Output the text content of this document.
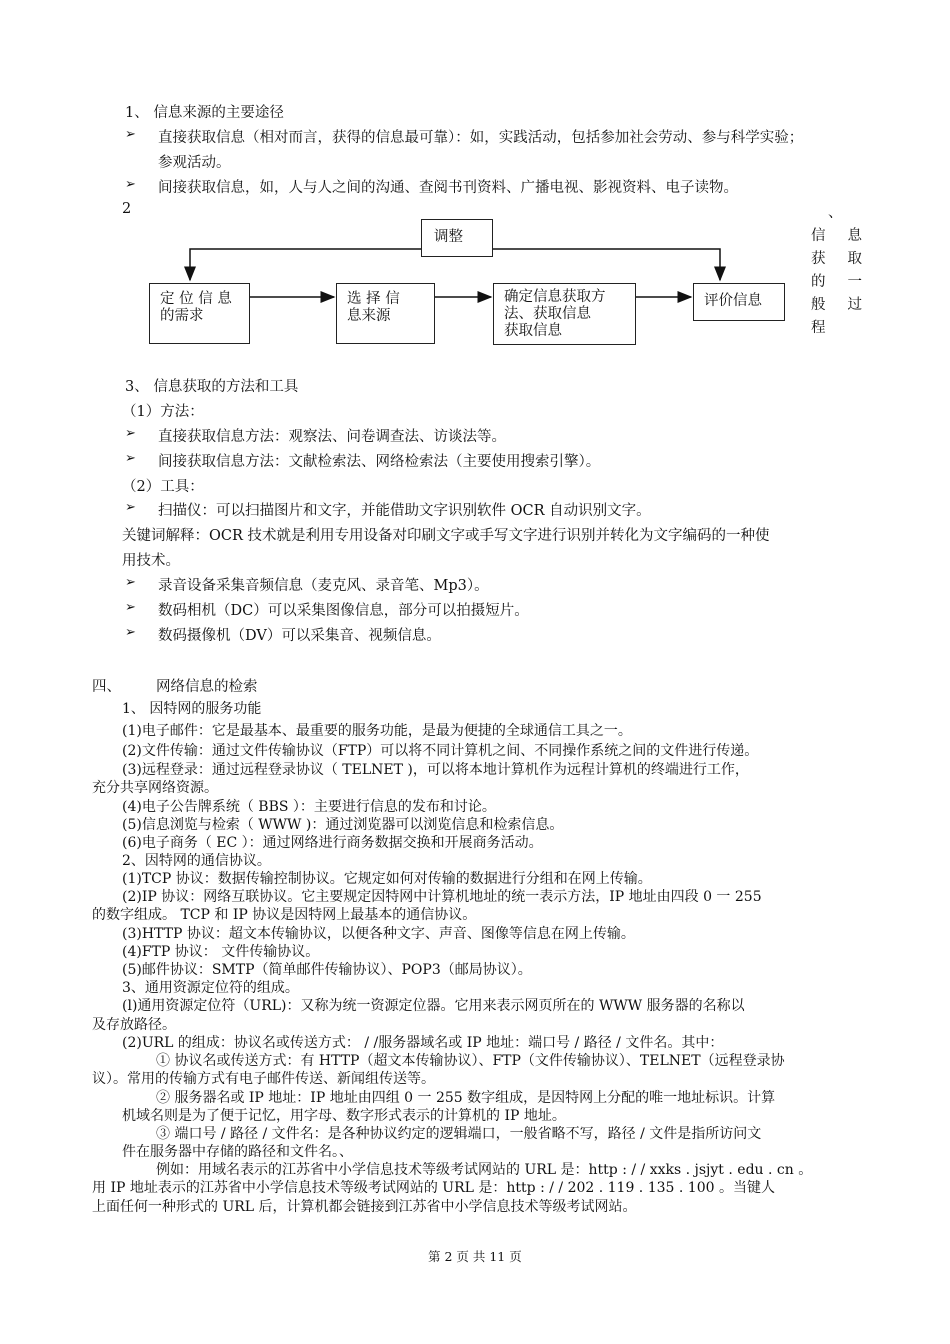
1、 信息来源的主要途径
➢ 直接获取信息（相对而言，获得的信息最可靠）：如，实践活动，包括参加社会劳动、参与科学实验；
参观活动。
➢ 间接获取信息，如，人与人之间的沟通、查阅书刊资料、广播电视、影视资料、电子读物。
2	、
信息
获取
的一
般过
程
调整
定 位 信 息
的需求
选 择 信
息来源
确定信息获取方
法、获取信息
获取信息
评价信息
3、 信息获取的方法和工具
（1）方法：
➢ 直接获取信息方法：观察法、问卷调查法、访谈法等。
➢ 间接获取信息方法：文献检索法、网络检索法（主要使用搜索引擎）。
（2）工具：
➢ 扫描仪：可以扫描图片和文字，并能借助文字识别软件 OCR 自动识别文字。
关键词解释：OCR 技术就是利用专用设备对印刷文字或手写文字进行识别并转化为文字编码的一种使
用技术。
➢ 录音设备采集音频信息（麦克风、录音笔、Mp3）。
➢ 数码相机（DC）可以采集图像信息，部分可以拍摄短片。
➢ 数码摄像机（DV）可以采集音、视频信息。
四、 网络信息的检索
1、 因特网的服务功能
(1)电子邮件：它是最基本、最重要的服务功能，是最为便捷的全球通信工具之一。
(2)文件传输：通过文件传输协议（FTP）可以将不同计算机之间、不同操作系统之间的文件进行传递。
(3)远程登录：通过远程登录协议（ TELNET )，可以将本地计算机作为远程计算机的终端进行工作，
充分共享网络资源。
(4)电子公告牌系统（ BBS ）：主要进行信息的发布和讨论。
(5)信息浏览与检索（ WWW )：通过浏览器可以浏览信息和检索信息。
(6)电子商务（ EC ）：通过网络进行商务数据交换和开展商务活动。
2、因特网的通信协议。
(1)TCP 协议：数据传输控制协议。它规定如何对传输的数据进行分组和在网上传输。
(2)IP 协议：网络互联协议。它主要规定因特网中计算机地址的统一表示方法，IP 地址由四段 0 一 255
的数字组成。 TCP 和 IP 协议是因特网上最基本的通信协议。
(3)HTTP 协议：超文本传输协议，以便各种文字、声音、图像等信息在网上传输。
(4)FTP 协议： 文件传输协议。
(5)邮件协议：SMTP（简单邮件传输协议）、POP3（邮局协议）。
3、通用资源定位符的组成。
(l)通用资源定位符（URL)：又称为统一资源定位器。它用来表示网页所在的 WWW 服务器的名称以
及存放路径。
(2)URL 的组成：协议名或传送方式： / /服务器域名或 IP 地址：端口号 / 路径 / 文件名。其中：
① 协议名或传送方式：有 HTTP（超文本传输协议）、FTP（文件传输协议）、TELNET（远程登录协
议）。常用的传输方式有电子邮件传送、新闻组传送等。
② 服务器名或 IP 地址：IP 地址由四组 0 一 255 数字组成，是因特网上分配的唯一地址标识。计算
机域名则是为了便于记忆，用字母、数字形式表示的计算机的 IP 地址。
③ 端口号 / 路径 / 文件名：是各种协议约定的逻辑端口，一般省略不写，路径 / 文件是指所访问文
件在服务器中存储的路径和文件名。、
例如：用域名表示的江苏省中小学信息技术等级考试网站的 URL 是：http : / / xxks . jsjyt . edu . cn 。
用 IP 地址表示的江苏省中小学信息技术等级考试网站的 URL 是：http : / / 202 . 119 . 135 . 100 。当键人
上面任何一种形式的 URL 后，计算机都会链接到江苏省中小学信息技术等级考试网站。
第 2 页 共 11 页
